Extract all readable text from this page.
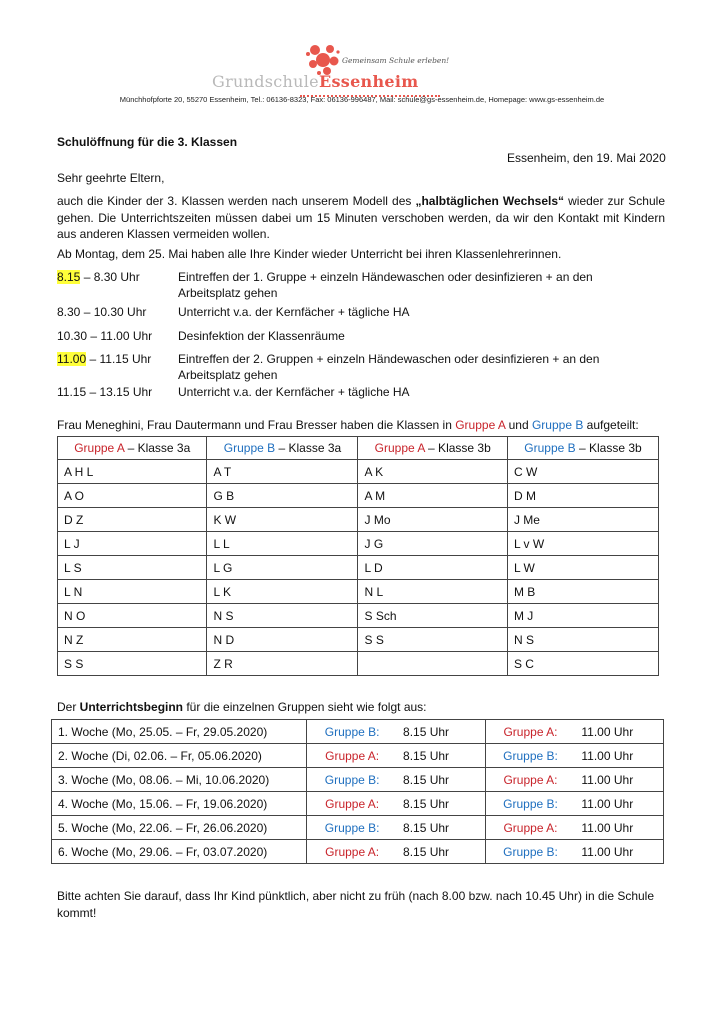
Gemeinsam Schule erleben!
GrundschuleEssenheim
Münchhofpforte 20, 55270 Essenheim, Tel.: 06136-8323, Fax: 06136-996487, Mail: schule@gs-essenheim.de, Homepage: www.gs-essenheim.de
Schulöffnung für die 3. Klassen
Essenheim, den 19. Mai 2020
Sehr geehrte Eltern,
auch die Kinder der 3. Klassen werden nach unserem Modell des „halbtäglichen Wechsels“ wieder zur Schule gehen. Die Unterrichtszeiten müssen dabei um 15 Minuten verschoben werden, da wir den Kontakt mit Kindern aus anderen Klassen vermeiden wollen.
Ab Montag, dem 25. Mai haben alle Ihre Kinder wieder Unterricht bei ihren Klassenlehrerinnen.
8.15 – 8.30 Uhr	Eintreffen der 1. Gruppe + einzeln Händewaschen oder desinfizieren + an den Arbeitsplatz gehen
8.30 – 10.30 Uhr	Unterricht v.a. der Kernfächer + tägliche HA
10.30 – 11.00 Uhr	Desinfektion der Klassenräume
11.00 – 11.15 Uhr	Eintreffen der 2. Gruppen + einzeln Händewaschen oder desinfizieren + an den Arbeitsplatz gehen
11.15 – 13.15 Uhr	Unterricht v.a. der Kernfächer + tägliche HA
Frau Meneghini, Frau Dautermann und Frau Bresser haben die Klassen in Gruppe A und Gruppe B aufgeteilt:
Gruppe A – Klasse 3a	Gruppe B – Klasse 3a	Gruppe A – Klasse 3b	Gruppe B – Klasse 3b
A H L	A T	A K	C W
A O	G B	A M	D M
D Z	K W	J Mo	J Me
L J	L L	J G	L v W
L S	L G	L D	L W
L N	L K	N L	M B
N O	N S	S Sch	M J
N Z	N D	S S	N S
S S	Z R		S C
Der Unterrichtsbeginn für die einzelnen Gruppen sieht wie folgt aus:
1. Woche (Mo, 25.05. – Fr, 29.05.2020)	Gruppe B:	8.15 Uhr	Gruppe A:	11.00 Uhr
2. Woche (Di, 02.06. – Fr, 05.06.2020)	Gruppe A:	8.15 Uhr	Gruppe B:	11.00 Uhr
3. Woche (Mo, 08.06. – Mi, 10.06.2020)	Gruppe B:	8.15 Uhr	Gruppe A:	11.00 Uhr
4. Woche (Mo, 15.06. – Fr, 19.06.2020)	Gruppe A:	8.15 Uhr	Gruppe B:	11.00 Uhr
5. Woche (Mo, 22.06. – Fr, 26.06.2020)	Gruppe B:	8.15 Uhr	Gruppe A:	11.00 Uhr
6. Woche (Mo, 29.06. – Fr, 03.07.2020)	Gruppe A:	8.15 Uhr	Gruppe B:	11.00 Uhr
Bitte achten Sie darauf, dass Ihr Kind pünktlich, aber nicht zu früh (nach 8.00 bzw. nach 10.45 Uhr) in die Schule kommt!
